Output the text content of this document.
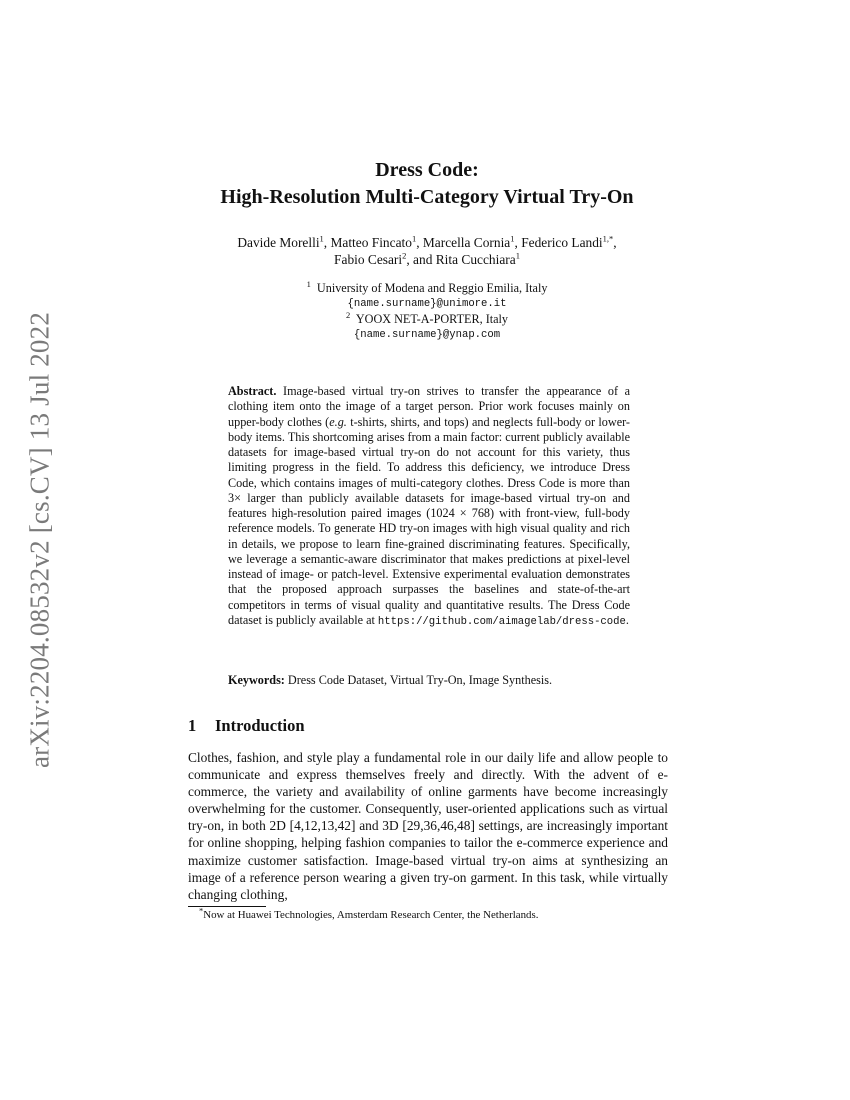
arXiv:2204.08532v2 [cs.CV] 13 Jul 2022
Dress Code:
High-Resolution Multi-Category Virtual Try-On
Davide Morelli$^1$, Matteo Fincato$^1$, Marcella Cornia$^1$, Federico Landi$^{1,*}$,
Fabio Cesari$^2$, and Rita Cucchiara$^1$
$^1$ University of Modena and Reggio Emilia, Italy
{name.surname}@unimore.it
$^2$ YOOX NET-A-PORTER, Italy
{name.surname}@ynap.com

Abstract. Image-based virtual try-on strives to transfer the appearance of a clothing item onto the image of a target person. Prior work focuses mainly on upper-body clothes (e.g. t-shirts, shirts, and tops) and neglects full-body or lower-body items. This shortcoming arises from a main factor: current publicly available datasets for image-based virtual try-on do not account for this variety, thus limiting progress in the field. To address this deficiency, we introduce Dress Code, which contains images of multi-category clothes. Dress Code is more than 3× larger than publicly available datasets for image-based virtual try-on and features high-resolution paired images (1024 × 768) with front-view, full-body reference models. To generate HD try-on images with high visual quality and rich in details, we propose to learn fine-grained discriminating features. Specifically, we leverage a semantic-aware discriminator that makes predictions at pixel-level instead of image- or patch-level. Extensive experimental evaluation demonstrates that the proposed approach surpasses the baselines and state-of-the-art competitors in terms of visual quality and quantitative results. The Dress Code dataset is publicly available at https://github.com/aimagelab/dress-code.

Keywords: Dress Code Dataset, Virtual Try-On, Image Synthesis.
1 Introduction

Clothes, fashion, and style play a fundamental role in our daily life and allow people to communicate and express themselves freely and directly. With the advent of e-commerce, the variety and availability of online garments have become increasingly overwhelming for the customer. Consequently, user-oriented applications such as virtual try-on, in both 2D [4,12,13,42] and 3D [29,36,46,48] settings, are increasingly important for online shopping, helping fashion companies to tailor the e-commerce experience and maximize customer satisfaction. Image-based virtual try-on aims at synthesizing an image of a reference person wearing a given try-on garment. In this task, while virtually changing clothing,

*Now at Huawei Technologies, Amsterdam Research Center, the Netherlands.
